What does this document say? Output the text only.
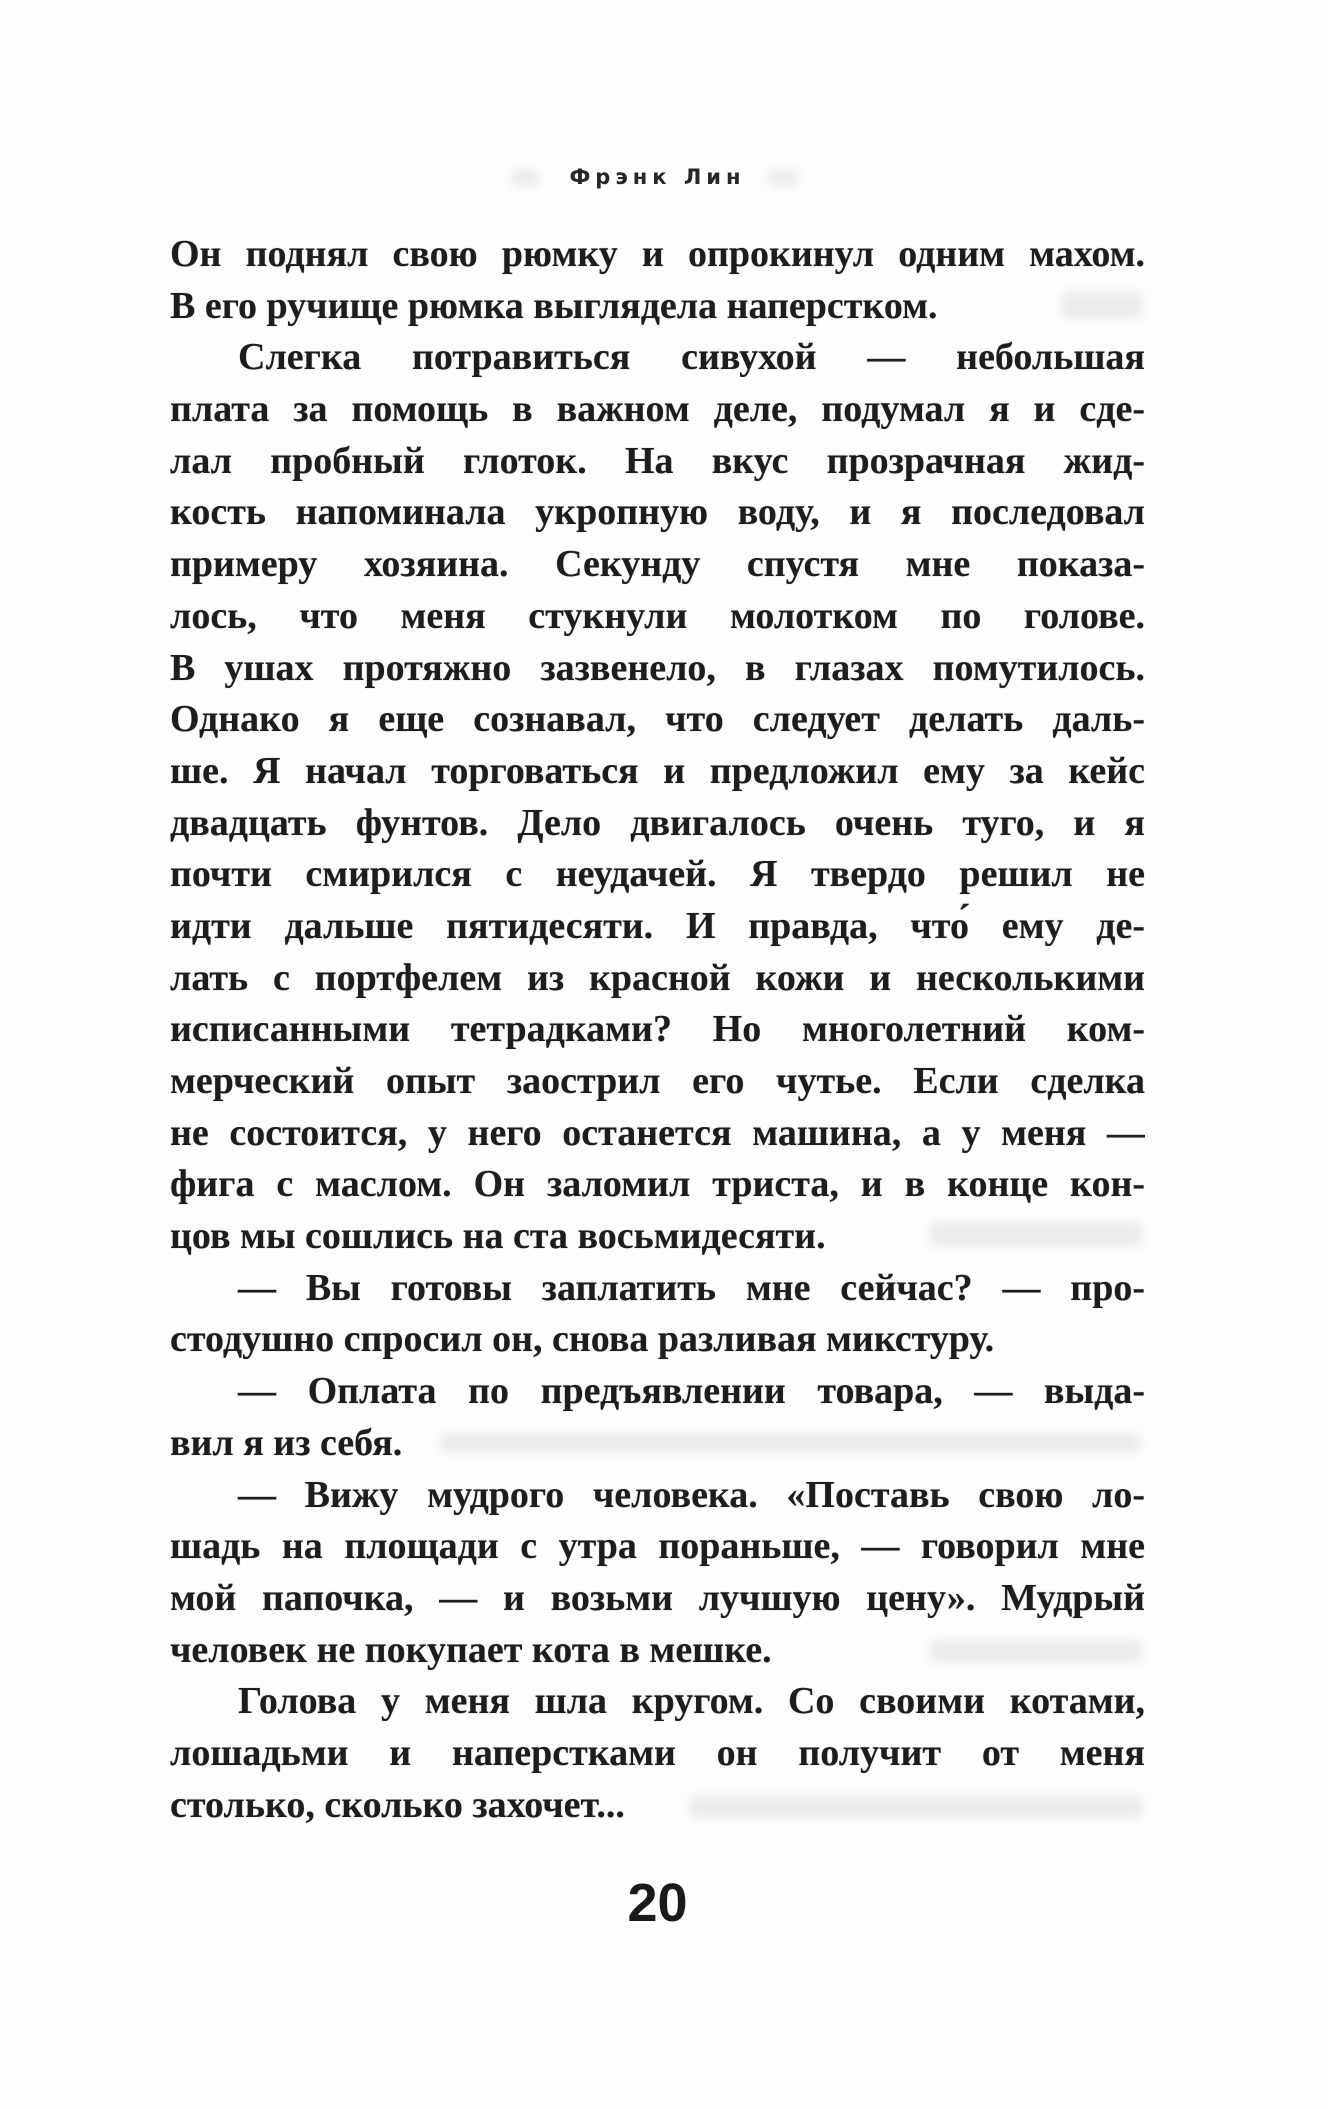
Фрэнк Лин
Он поднял свою рюмку и опрокинул одним махом.
В его ручище рюмка выглядела наперстком.
Слегка потравиться сивухой — небольшая
плата за помощь в важном деле, подумал я и сде-
лал пробный глоток. На вкус прозрачная жид-
кость напоминала укропную воду, и я последовал
примеру хозяина. Секунду спустя мне показа-
лось, что меня стукнули молотком по голове.
В ушах протяжно зазвенело, в глазах помутилось.
Однако я еще сознавал, что следует делать даль-
ше. Я начал торговаться и предложил ему за кейс
двадцать фунтов. Дело двигалось очень туго, и я
почти смирился с неудачей. Я твердо решил не
идти дальше пятидесяти. И правда, что́ ему де-
лать с портфелем из красной кожи и несколькими
исписанными тетрадками? Но многолетний ком-
мерческий опыт заострил его чутье. Если сделка
не состоится, у него останется машина, а у меня —
фига с маслом. Он заломил триста, и в конце кон-
цов мы сошлись на ста восьмидесяти.
— Вы готовы заплатить мне сейчас? — про-
стодушно спросил он, снова разливая микстуру.
— Оплата по предъявлении товара, — выда-
вил я из себя.
— Вижу мудрого человека. «Поставь свою ло-
шадь на площади с утра пораньше, — говорил мне
мой папочка, — и возьми лучшую цену». Мудрый
человек не покупает кота в мешке.
Голова у меня шла кругом. Со своими котами,
лошадьми и наперстками он получит от меня
столько, сколько захочет...
20
